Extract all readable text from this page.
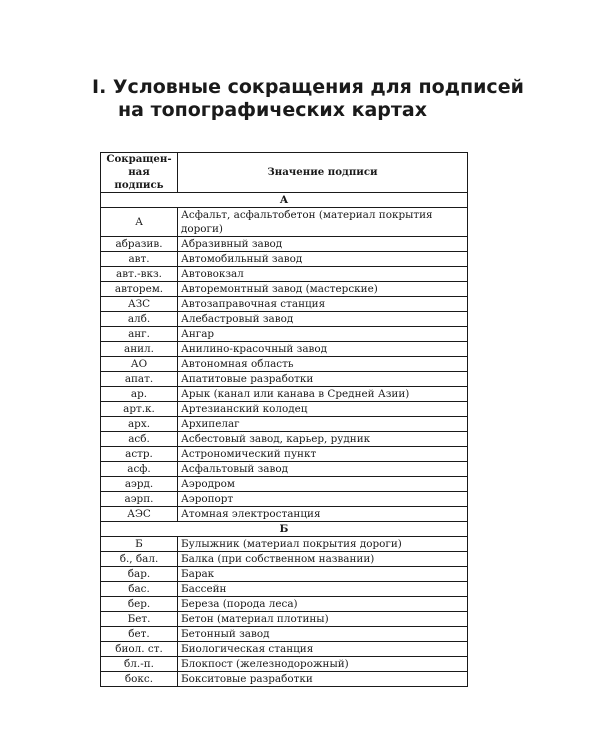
I. Условные сокращения для подписей
на топографических картах
Сокращен-ная подпись	Значение подписи
А	
А	Асфальт, асфальтобетон (материал покрытия дороги)
абразив.	Абразивный завод
авт.	Автомобильный завод
авт.-вкз.	Автовокзал
авторем.	Авторемонтный завод (мастерские)
АЗС	Автозаправочная станция
алб.	Алебастровый завод
анг.	Ангар
анил.	Анилино-красочный завод
АО	Автономная область
апат.	Апатитовые разработки
ар.	Арык (канал или канава в Средней Азии)
арт.к.	Артезианский колодец
арх.	Архипелаг
асб.	Асбестовый завод, карьер, рудник
астр.	Астрономический пункт
асф.	Асфальтовый завод
аэрд.	Аэродром
аэрп.	Аэропорт
АЭС	Атомная электростанция
Б	
Б	Булыжник (материал покрытия дороги)
б., бал.	Балка (при собственном названии)
бар.	Барак
бас.	Бассейн
бер.	Береза (порода леса)
Бет.	Бетон (материал плотины)
бет.	Бетонный завод
биол. ст.	Биологическая станция
бл.-п.	Блокпост (железнодорожный)
бокс.	Бокситовые разработки
